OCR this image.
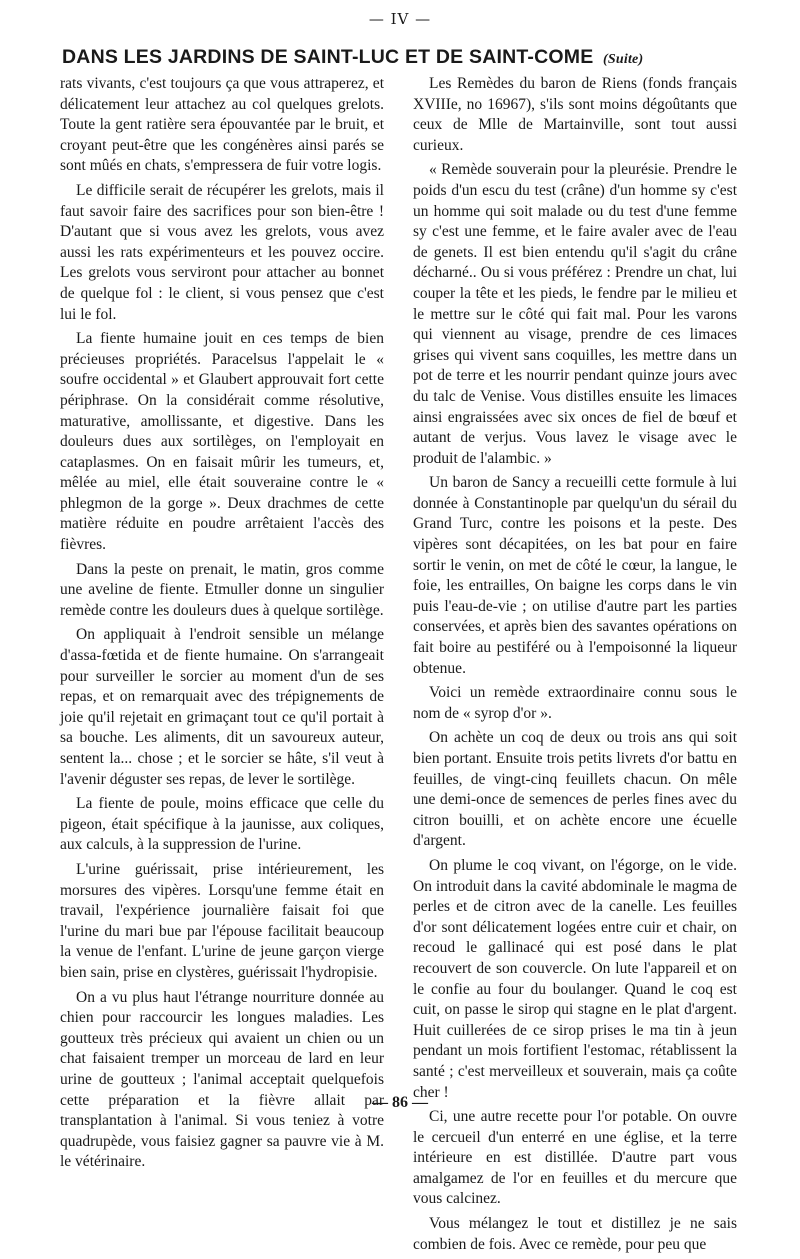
— IV —
DANS LES JARDINS DE SAINT-LUC ET DE SAINT-COME (Suite)

rats vivants, c'est toujours ça que vous attraperez, et délicatement leur attachez au col quelques grelots. Toute la gent ratière sera épouvantée par le bruit, et croyant peut-être que les congénères ainsi parés se sont mûés en chats, s'empressera de fuir votre logis.

Le difficile serait de récupérer les grelots, mais il faut savoir faire des sacrifices pour son bien-être ! D'autant que si vous avez les grelots, vous avez aussi les rats expérimenteurs et les pouvez occire. Les grelots vous serviront pour attacher au bonnet de quelque fol : le client, si vous pensez que c'est lui le fol.

La fiente humaine jouit en ces temps de bien précieuses propriétés. Paracelsus l'appelait le « soufre occidental » et Glaubert approuvait fort cette périphrase. On la considérait comme résolutive, maturative, amollissante, et digestive. Dans les douleurs dues aux sortilèges, on l'employait en cataplasmes. On en faisait mûrir les tumeurs, et, mêlée au miel, elle était souveraine contre le « phlegmon de la gorge ». Deux drachmes de cette matière réduite en poudre arrêtaient l'accès des fièvres.

Dans la peste on prenait, le matin, gros comme une aveline de fiente. Etmuller donne un singulier remède contre les douleurs dues à quelque sortilège.

On appliquait à l'endroit sensible un mélange d'assa-fœtida et de fiente humaine. On s'arrangeait pour surveiller le sorcier au moment d'un de ses repas, et on remarquait avec des trépignements de joie qu'il rejetait en grimaçant tout ce qu'il portait à sa bouche. Les aliments, dit un savoureux auteur, sentent la... chose ; et le sorcier se hâte, s'il veut à l'avenir déguster ses repas, de lever le sortilège.

La fiente de poule, moins efficace que celle du pigeon, était spécifique à la jaunisse, aux coliques, aux calculs, à la suppression de l'urine.

L'urine guérissait, prise intérieurement, les morsures des vipères. Lorsqu'une femme était en travail, l'expérience journalière faisait foi que l'urine du mari bue par l'épouse facilitait beaucoup la venue de l'enfant. L'urine de jeune garçon vierge bien sain, prise en clystères, guérissait l'hydropisie.

On a vu plus haut l'étrange nourriture donnée au chien pour raccourcir les longues maladies. Les goutteux très précieux qui avaient un chien ou un chat faisaient tremper un morceau de lard en leur urine de goutteux ; l'animal acceptait quelquefois cette préparation et la fièvre allait par transplantation à l'animal. Si vous teniez à votre quadrupède, vous faisiez gagner sa pauvre vie à M. le vétérinaire.

Les Remèdes du baron de Riens (fonds français XVIIIe, no 16967), s'ils sont moins dégoûtants que ceux de Mlle de Martainville, sont tout aussi curieux.

« Remède souverain pour la pleurésie. Prendre le poids d'un escu du test (crâne) d'un homme sy c'est un homme qui soit malade ou du test d'une femme sy c'est une femme, et le faire avaler avec de l'eau de genets. Il est bien entendu qu'il s'agit du crâne décharné.. Ou si vous préférez : Prendre un chat, lui couper la tête et les pieds, le fendre par le milieu et le mettre sur le côté qui fait mal. Pour les varons qui viennent au visage, prendre de ces limaces grises qui vivent sans coquilles, les mettre dans un pot de terre et les nourrir pendant quinze jours avec du talc de Venise. Vous distilles ensuite les limaces ainsi engraissées avec six onces de fiel de bœuf et autant de verjus. Vous lavez le visage avec le produit de l'alambic. »

Un baron de Sancy a recueilli cette formule à lui donnée à Constantinople par quelqu'un du sérail du Grand Turc, contre les poisons et la peste. Des vipères sont décapitées, on les bat pour en faire sortir le venin, on met de côté le cœur, la langue, le foie, les entrailles, On baigne les corps dans le vin puis l'eau-de-vie ; on utilise d'autre part les parties conservées, et après bien des savantes opérations on fait boire au pestiféré ou à l'empoisonné la liqueur obtenue.

Voici un remède extraordinaire connu sous le nom de « syrop d'or ».

On achète un coq de deux ou trois ans qui soit bien portant. Ensuite trois petits livrets d'or battu en feuilles, de vingt-cinq feuillets chacun. On mêle une demi-once de semences de perles fines avec du citron bouilli, et on achète encore une écuelle d'argent.

On plume le coq vivant, on l'égorge, on le vide. On introduit dans la cavité abdominale le magma de perles et de citron avec de la canelle. Les feuilles d'or sont délicatement logées entre cuir et chair, on recoud le gallinacé qui est posé dans le plat recouvert de son couvercle. On lute l'appareil et on le confie au four du boulanger. Quand le coq est cuit, on passe le sirop qui stagne en le plat d'argent. Huit cuillerées de ce sirop prises le ma tin à jeun pendant un mois fortifient l'estomac, rétablissent la santé ; c'est merveilleux et souverain, mais ça coûte cher !

Ci, une autre recette pour l'or potable. On ouvre le cercueil d'un enterré en une église, et la terre intérieure en est distillée. D'autre part vous amalgamez de l'or en feuilles et du mercure que vous calcinez.

Vous mélangez le tout et distillez je ne sais combien de fois. Avec ce remède, pour peu que

— 86 —
